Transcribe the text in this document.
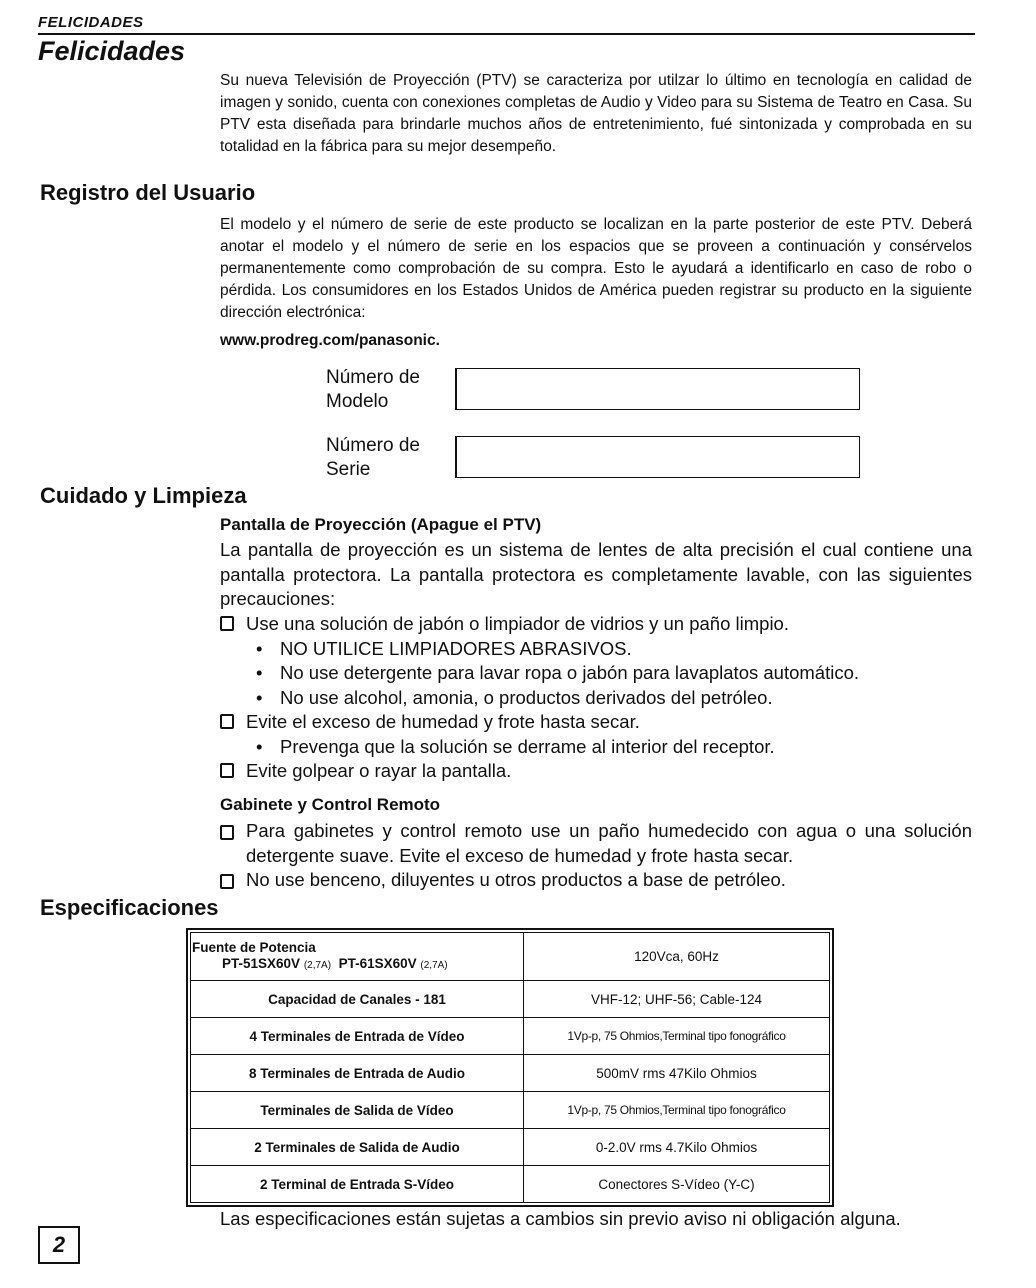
FELICIDADES
Felicidades
Su nueva Televisión de Proyección (PTV) se caracteriza por utilzar lo último en tecnología en calidad de imagen y sonido, cuenta con conexiones completas de Audio y Video para su Sistema de Teatro en Casa. Su PTV esta diseñada para brindarle muchos años de entretenimiento, fué sintonizada y comprobada en su totalidad en la fábrica para su mejor desempeño.
Registro del Usuario
El modelo y el número de serie de este producto se localizan en la parte posterior de este PTV. Deberá anotar el modelo y el número de serie en los espacios que se proveen a continuación y consérvelos permanentemente como comprobación de su compra. Esto le ayudará a identificarlo en caso de robo o pérdida. Los consumidores en los Estados Unidos de América pueden registrar su producto en la siguiente dirección electrónica:
www.prodreg.com/panasonic.
Número de Modelo
Número de Serie
Cuidado y Limpieza
Pantalla de Proyección (Apague el PTV)
La pantalla de proyección es un sistema de lentes de alta precisión el cual contiene una pantalla protectora. La pantalla protectora es completamente lavable, con las siguientes precauciones:
Use una solución de jabón o limpiador de vidrios y un paño limpio.
• NO UTILICE LIMPIADORES ABRASIVOS.
• No use detergente para lavar ropa o jabón para lavaplatos automático.
• No use alcohol, amonia, o productos derivados del petróleo.
Evite el exceso de humedad y frote hasta secar.
• Prevenga que la solución se derrame al interior del receptor.
Evite golpear o rayar la pantalla.
Gabinete y Control Remoto
Para gabinetes y control remoto use un paño humedecido con agua o una solución detergente suave. Evite el exceso de humedad y frote hasta secar.
No use benceno, diluyentes u otros productos a base de petróleo.
Especificaciones
Fuente de Potencia
PT-51SX60V (2,7A) PT-61SX60V (2,7A)	120Vca, 60Hz
Capacidad de Canales - 181	VHF-12; UHF-56; Cable-124
4 Terminales de Entrada de Vídeo	1Vp-p, 75 Ohmios,Terminal tipo fonográfico
8 Terminales de Entrada de Audio	500mV rms 47Kilo Ohmios
Terminales de Salida de Vídeo	1Vp-p, 75 Ohmios,Terminal tipo fonográfico
2 Terminales de Salida de Audio	0-2.0V rms 4.7Kilo Ohmios
2 Terminal de Entrada S-Vídeo	Conectores S-Vídeo (Y-C)
Las especificaciones están sujetas a cambios sin previo aviso ni obligación alguna.
2
